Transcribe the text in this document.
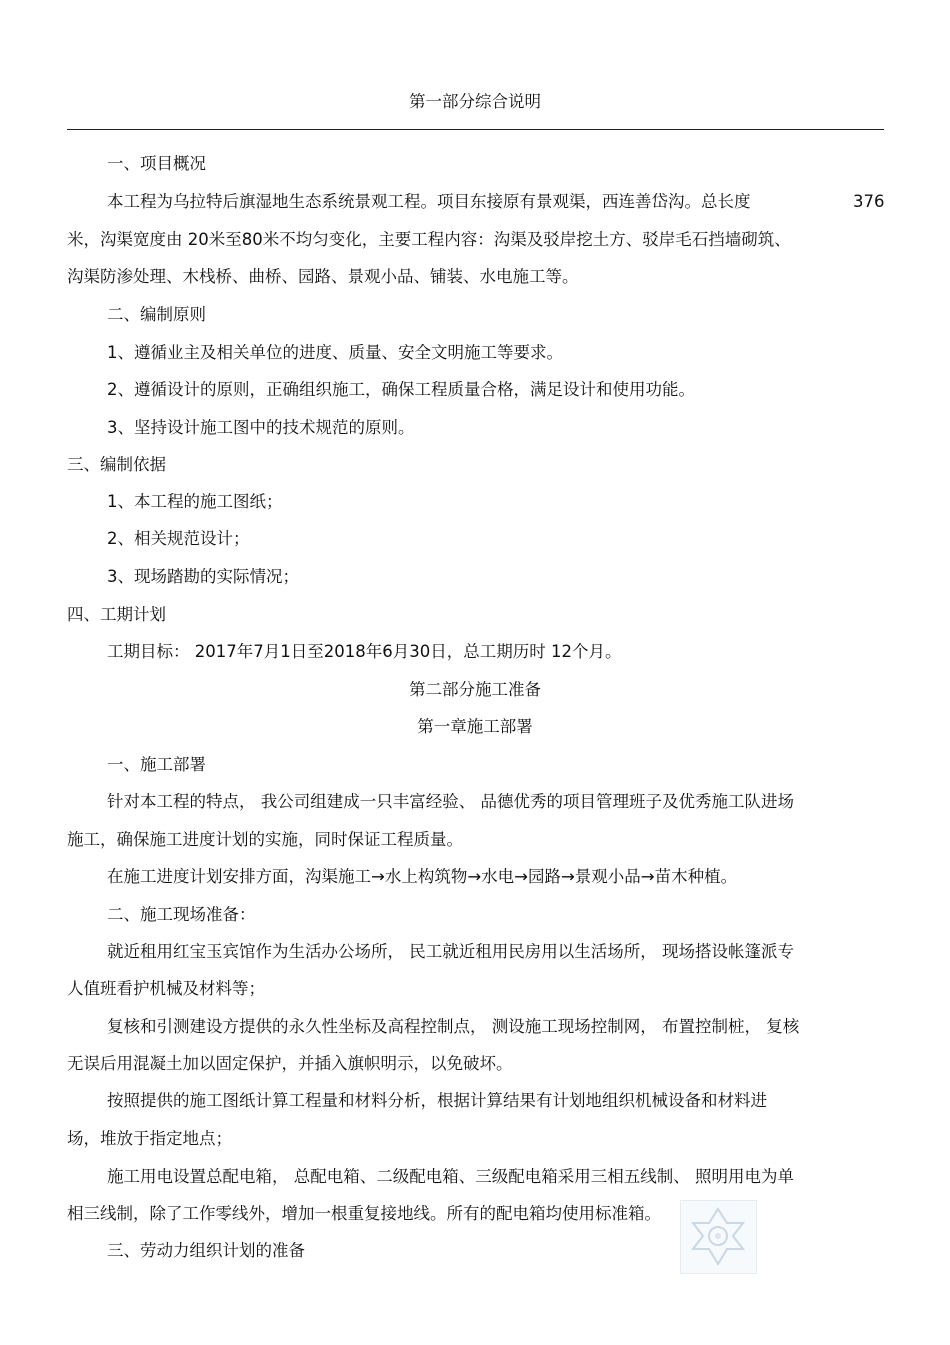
第一部分综合说明
一、项目概况
本工程为乌拉特后旗湿地生态系统景观工程。项目东接原有景观渠，西连善岱沟。总长度	376
米，沟渠宽度由 20米至80米不均匀变化，主要工程内容：沟渠及驳岸挖土方、驳岸毛石挡墙砌筑、
沟渠防渗处理、木栈桥、曲桥、园路、景观小品、铺装、水电施工等。
二、编制原则
1、遵循业主及相关单位的进度、质量、安全文明施工等要求。
2、遵循设计的原则，正确组织施工，确保工程质量合格，满足设计和使用功能。
3、坚持设计施工图中的技术规范的原则。
三、编制依据
1、本工程的施工图纸；
2、相关规范设计；
3、现场踏勘的实际情况；
四、工期计划
工期目标： 2017年7月1日至2018年6月30日，总工期历时 12个月。
第二部分施工准备
第一章施工部署
一、施工部署
针对本工程的特点， 我公司组建成一只丰富经验、 品德优秀的项目管理班子及优秀施工队进场
施工，确保施工进度计划的实施，同时保证工程质量。
在施工进度计划安排方面，沟渠施工→水上构筑物→水电→园路→景观小品→苗木种植。
二、施工现场准备：
就近租用红宝玉宾馆作为生活办公场所， 民工就近租用民房用以生活场所， 现场搭设帐篷派专
人值班看护机械及材料等；
复核和引测建设方提供的永久性坐标及高程控制点， 测设施工现场控制网， 布置控制桩， 复核
无误后用混凝土加以固定保护，并插入旗帜明示，以免破坏。
按照提供的施工图纸计算工程量和材料分析，根据计算结果有计划地组织机械设备和材料进
场，堆放于指定地点；
施工用电设置总配电箱， 总配电箱、二级配电箱、三级配电箱采用三相五线制、 照明用电为单
相三线制，除了工作零线外，增加一根重复接地线。所有的配电箱均使用标准箱。
三、劳动力组织计划的准备
